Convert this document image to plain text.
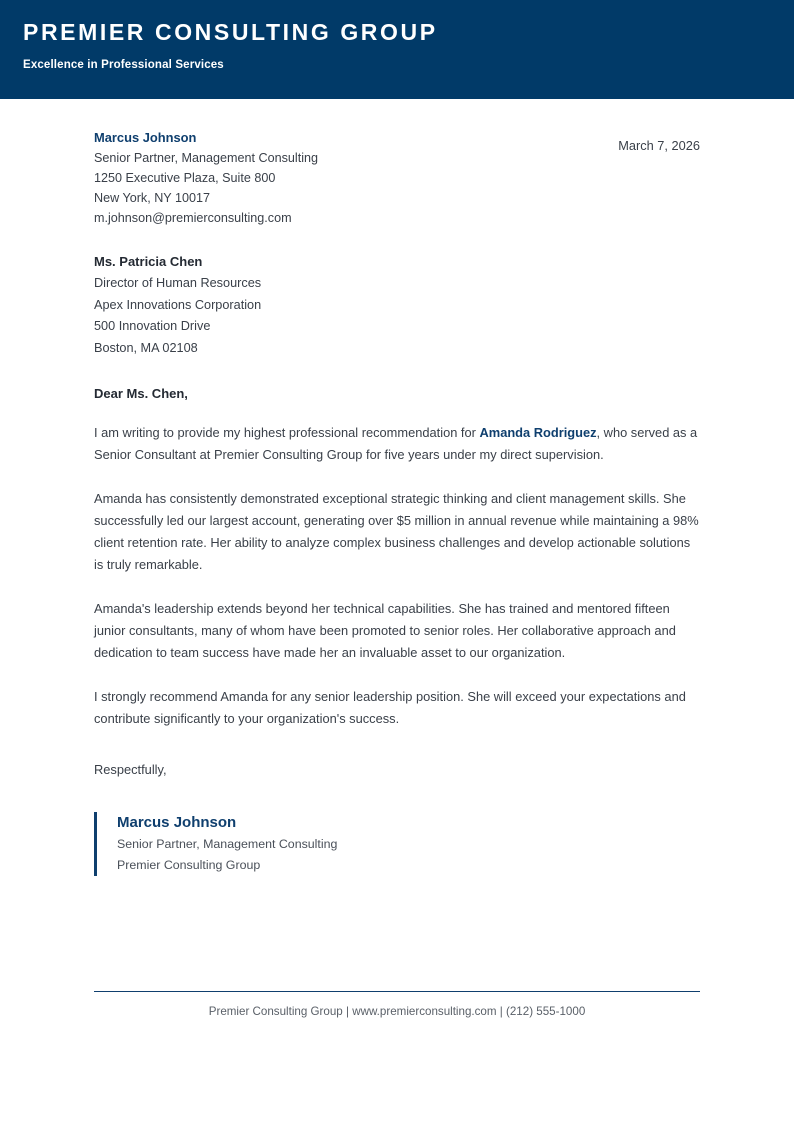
PREMIER CONSULTING GROUP
Excellence in Professional Services
Marcus Johnson
Senior Partner, Management Consulting
1250 Executive Plaza, Suite 800
New York, NY 10017
m.johnson@premierconsulting.com
March 7, 2026
Ms. Patricia Chen
Director of Human Resources
Apex Innovations Corporation
500 Innovation Drive
Boston, MA 02108
Dear Ms. Chen,

I am writing to provide my highest professional recommendation for Amanda Rodriguez, who served as a Senior Consultant at Premier Consulting Group for five years under my direct supervision.

Amanda has consistently demonstrated exceptional strategic thinking and client management skills. She successfully led our largest account, generating over $5 million in annual revenue while maintaining a 98% client retention rate. Her ability to analyze complex business challenges and develop actionable solutions is truly remarkable.

Amanda's leadership extends beyond her technical capabilities. She has trained and mentored fifteen junior consultants, many of whom have been promoted to senior roles. Her collaborative approach and dedication to team success have made her an invaluable asset to our organization.

I strongly recommend Amanda for any senior leadership position. She will exceed your expectations and contribute significantly to your organization's success.

Respectfully,
Marcus Johnson
Senior Partner, Management Consulting
Premier Consulting Group
Premier Consulting Group | www.premierconsulting.com | (212) 555-1000
